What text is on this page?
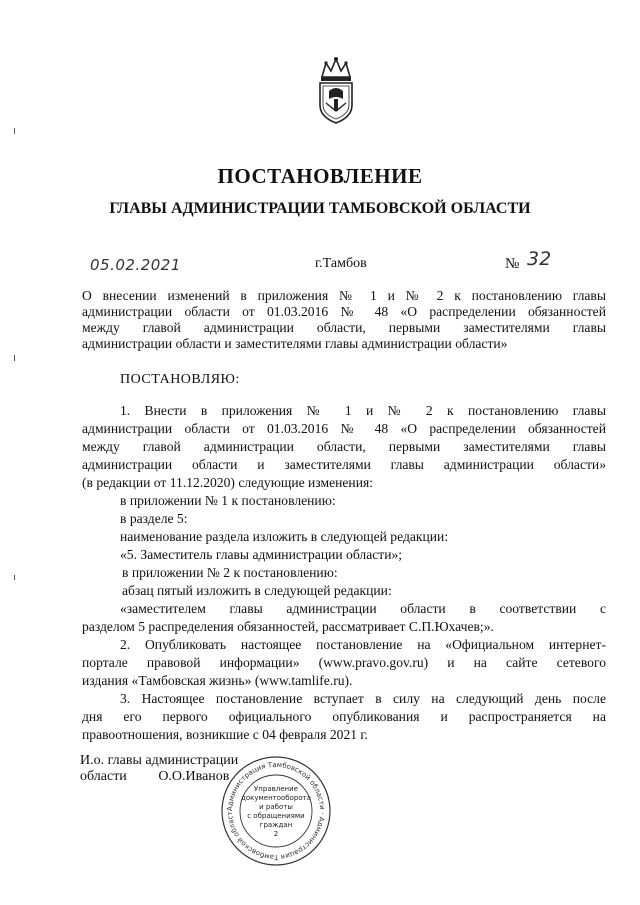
ПОСТАНОВЛЕНИЕ
ГЛАВЫ АДМИНИСТРАЦИИ ТАМБОВСКОЙ ОБЛАСТИ
05.02.2021	г.Тамбов	№ 32
О внесении изменений в приложения № 1 и № 2 к постановлению главы
администрации области от 01.03.2016 № 48 «О распределении обязанностей
между главой администрации области, первыми заместителями главы
администрации области и заместителями главы администрации области»
ПОСТАНОВЛЯЮ:
1. Внести в приложения № 1 и № 2 к постановлению главы
администрации области от 01.03.2016 № 48 «О распределении обязанностей
между главой администрации области, первыми заместителями главы
администрации области и заместителями главы администрации области»
(в редакции от 11.12.2020) следующие изменения:
в приложении № 1 к постановлению:
в разделе 5:
наименование раздела изложить в следующей редакции:
«5. Заместитель главы администрации области»;
в приложении № 2 к постановлению:
абзац пятый изложить в следующей редакции:
«заместителем главы администрации области в соответствии с
разделом 5 распределения обязанностей, рассматривает С.П.Юхачев;».
2. Опубликовать настоящее постановление на «Официальном интернет-
портале правовой информации» (www.pravo.gov.ru) и на сайте сетевого
издания «Тамбовская жизнь» (www.tamlife.ru).
3. Настоящее постановление вступает в силу на следующий день после
дня его первого официального опубликования и распространяется на
правоотношения, возникшие с 04 февраля 2021 г.
И.о. главы администрации
области О.О.Иванов
Администрация Тамбовской области · Администрация Тамбовской област
Управление
документооборота
и работы
с обращениями
граждан
2
